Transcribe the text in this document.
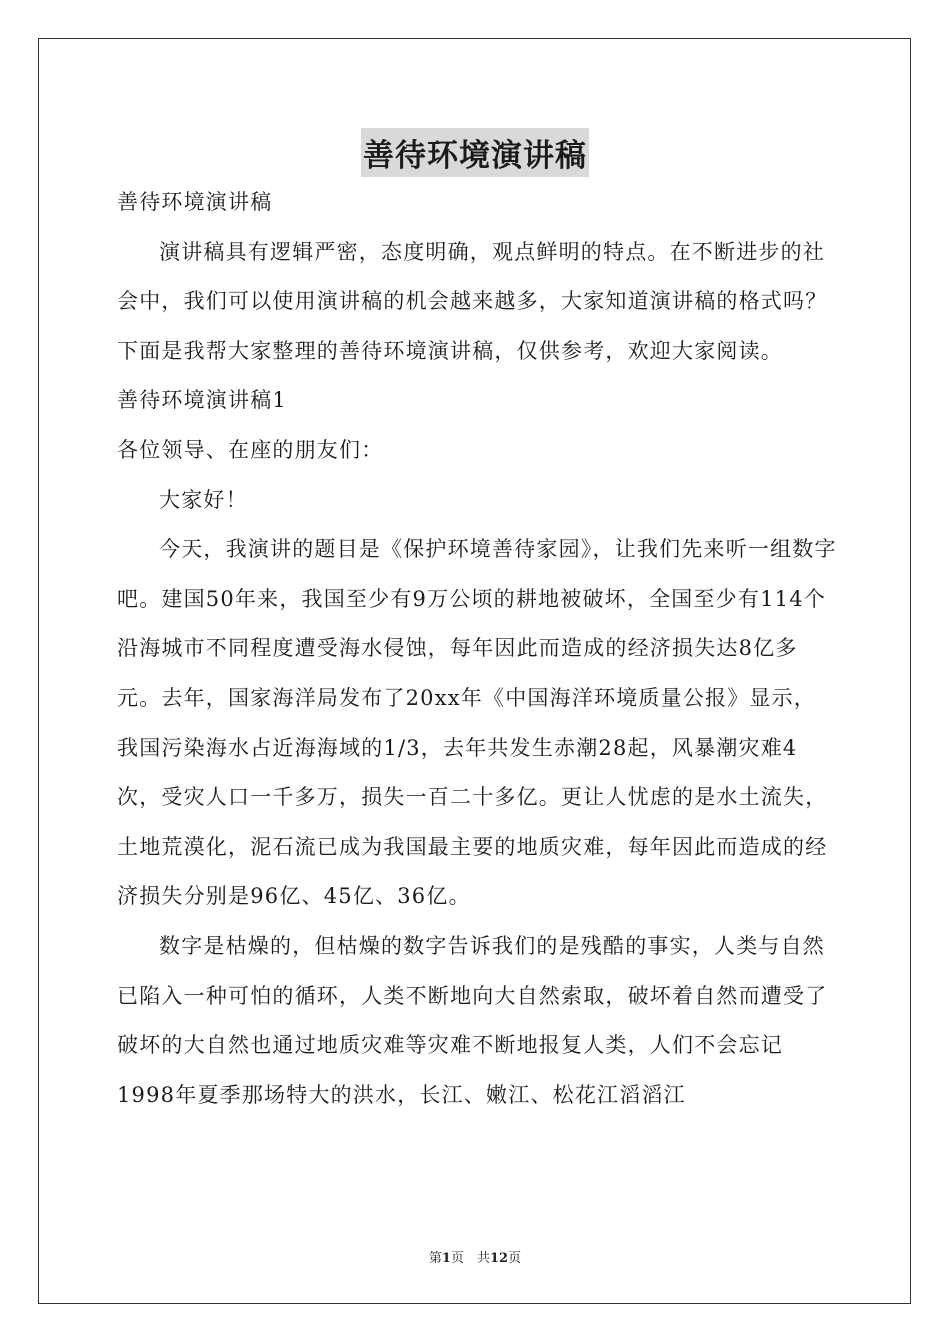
善待环境演讲稿

善待环境演讲稿

演讲稿具有逻辑严密，态度明确，观点鲜明的特点。在不断进步的社会中，我们可以使用演讲稿的机会越来越多，大家知道演讲稿的格式吗？下面是我帮大家整理的善待环境演讲稿，仅供参考，欢迎大家阅读。

善待环境演讲稿1

各位领导、在座的朋友们：

大家好！

今天，我演讲的题目是《保护环境善待家园》，让我们先来听一组数字吧。建国50年来，我国至少有9万公顷的耕地被破坏，全国至少有114个沿海城市不同程度遭受海水侵蚀，每年因此而造成的经济损失达8亿多元。去年，国家海洋局发布了20xx年《中国海洋环境质量公报》显示，我国污染海水占近海海域的1/3，去年共发生赤潮28起，风暴潮灾难4次，受灾人口一千多万，损失一百二十多亿。更让人忧虑的是水土流失，土地荒漠化，泥石流已成为我国最主要的地质灾难，每年因此而造成的经济损失分别是96亿、45亿、36亿。

数字是枯燥的，但枯燥的数字告诉我们的是残酷的事实，人类与自然已陷入一种可怕的循环，人类不断地向大自然索取，破坏着自然而遭受了破坏的大自然也通过地质灾难等灾难不断地报复人类，人们不会忘记1998年夏季那场特大的洪水，长江、嫩江、松花江滔滔江

第1页　共12页
